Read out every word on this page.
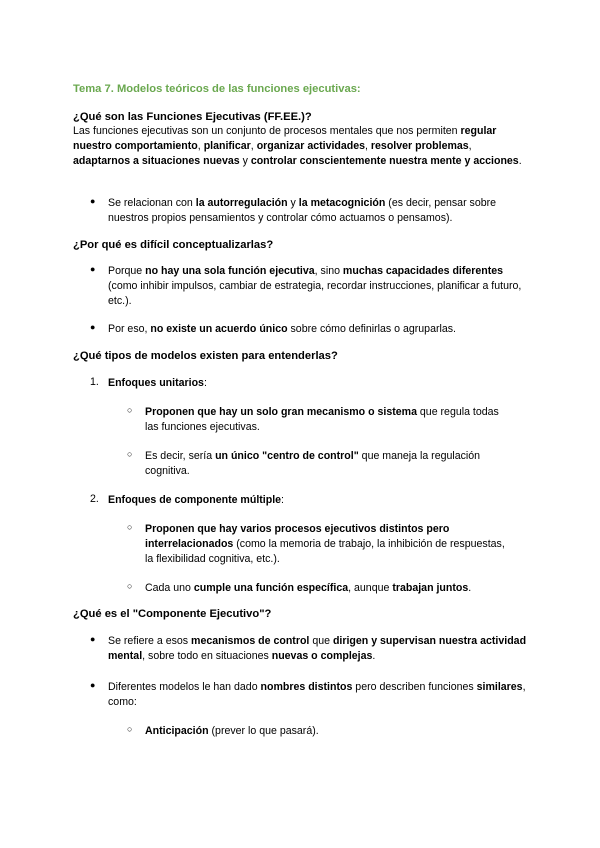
Tema 7. Modelos teóricos de las funciones ejecutivas:
¿Qué son las Funciones Ejecutivas (FF.EE.)?
Las funciones ejecutivas son un conjunto de procesos mentales que nos permiten regular nuestro comportamiento, planificar, organizar actividades, resolver problemas, adaptarnos a situaciones nuevas y controlar conscientemente nuestra mente y acciones.
● Se relacionan con la autorregulación y la metacognición (es decir, pensar sobre nuestros propios pensamientos y controlar cómo actuamos o pensamos).
¿Por qué es difícil conceptualizarlas?
● Porque no hay una sola función ejecutiva, sino muchas capacidades diferentes (como inhibir impulsos, cambiar de estrategia, recordar instrucciones, planificar a futuro, etc.).
● Por eso, no existe un acuerdo único sobre cómo definirlas o agruparlas.
¿Qué tipos de modelos existen para entenderlas?
1. Enfoques unitarios:
○ Proponen que hay un solo gran mecanismo o sistema que regula todas las funciones ejecutivas.
○ Es decir, sería un único "centro de control" que maneja la regulación cognitiva.
2. Enfoques de componente múltiple:
○ Proponen que hay varios procesos ejecutivos distintos pero interrelacionados (como la memoria de trabajo, la inhibición de respuestas, la flexibilidad cognitiva, etc.).
○ Cada uno cumple una función específica, aunque trabajan juntos.
¿Qué es el "Componente Ejecutivo"?
● Se refiere a esos mecanismos de control que dirigen y supervisan nuestra actividad mental, sobre todo en situaciones nuevas o complejas.
● Diferentes modelos le han dado nombres distintos pero describen funciones similares, como:
○ Anticipación (prever lo que pasará).
